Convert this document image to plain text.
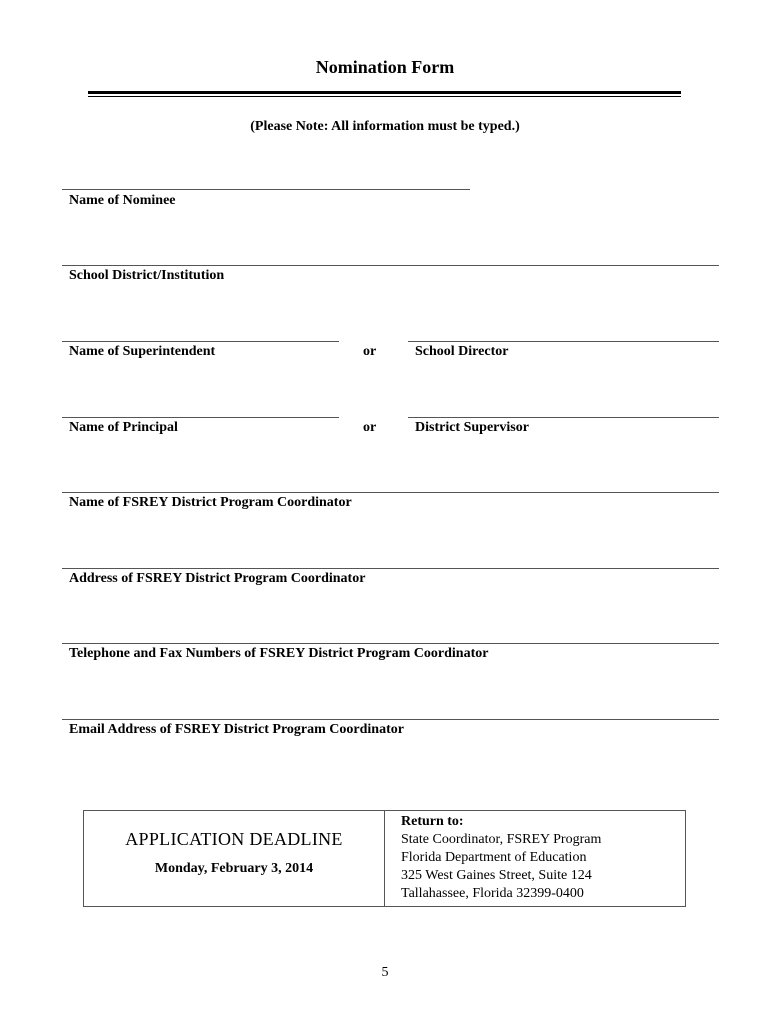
Nomination Form
(Please Note: All information must be typed.)
Name of Nominee
School District/Institution
Name of Superintendent	or	School Director
Name of Principal	or	District Supervisor
Name of FSREY District Program Coordinator
Address of FSREY District Program Coordinator
Telephone and Fax Numbers of FSREY District Program Coordinator
Email Address of FSREY District Program Coordinator
APPLICATION DEADLINE
Monday, February 3, 2014
Return to:
State Coordinator, FSREY Program
Florida Department of Education
325 West Gaines Street, Suite 124
Tallahassee, Florida 32399-0400
5
